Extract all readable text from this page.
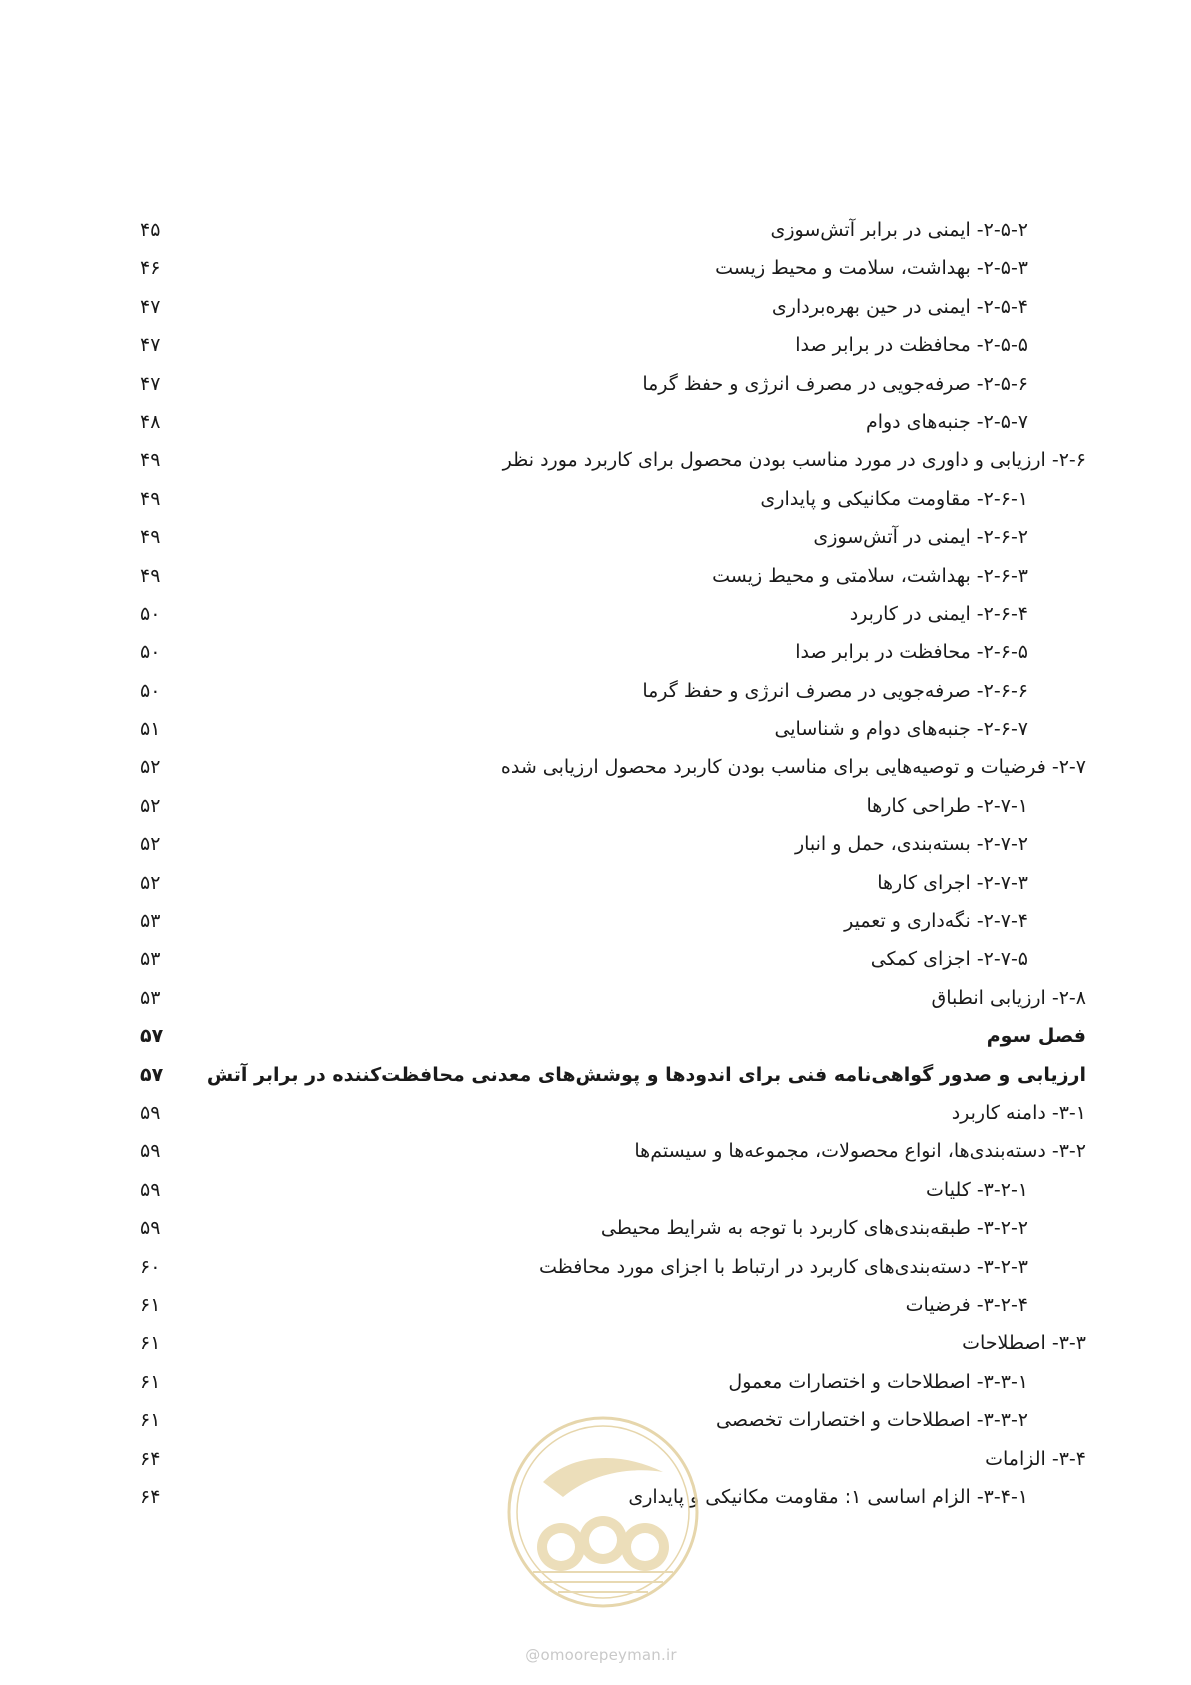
۲-۵-۲- ایمنی در برابر آتش‌سوزی
۴۵
۲-۵-۳- بهداشت، سلامت و محیط زیست
۴۶
۲-۵-۴- ایمنی در حین بهره‌برداری
۴۷
۲-۵-۵- محافظت در برابر صدا
۴۷
۲-۵-۶- صرفه‌جویی در مصرف انرژی و حفظ گرما
۴۷
۲-۵-۷- جنبه‌های دوام
۴۸
۲-۶- ارزیابی و داوری در مورد مناسب بودن محصول برای کاربرد مورد نظر
۴۹
۲-۶-۱- مقاومت مکانیکی و پایداری
۴۹
۲-۶-۲- ایمنی در آتش‌سوزی
۴۹
۲-۶-۳- بهداشت، سلامتی و محیط زیست
۴۹
۲-۶-۴- ایمنی در کاربرد
۵۰
۲-۶-۵- محافظت در برابر صدا
۵۰
۲-۶-۶- صرفه‌جویی در مصرف انرژی و حفظ گرما
۵۰
۲-۶-۷- جنبه‌های دوام و شناسایی
۵۱
۲-۷- فرضیات و توصیه‌هایی برای مناسب بودن کاربرد محصول ارزیابی شده
۵۲
۲-۷-۱- طراحی کارها
۵۲
۲-۷-۲- بسته‌بندی، حمل و انبار
۵۲
۲-۷-۳- اجرای کارها
۵۲
۲-۷-۴- نگه‌داری و تعمیر
۵۳
۲-۷-۵- اجزای کمکی
۵۳
۲-۸- ارزیابی انطباق
۵۳
فصل سوم
۵۷
ارزیابی و صدور گواهی‌نامه فنی برای اندودها و پوشش‌های معدنی محافظت‌کننده در برابر آتش
۵۷
۳-۱- دامنه کاربرد
۵۹
۳-۲- دسته‌بندی‌ها، انواع محصولات، مجموعه‌ها و سیستم‌ها
۵۹
۳-۲-۱- کلیات
۵۹
۳-۲-۲- طبقه‌بندی‌های کاربرد با توجه به شرایط محیطی
۵۹
۳-۲-۳- دسته‌بندی‌های کاربرد در ارتباط با اجزای مورد محافظت
۶۰
۳-۲-۴- فرضیات
۶۱
۳-۳- اصطلاحات
۶۱
۳-۳-۱- اصطلاحات و اختصارات معمول
۶۱
۳-۳-۲- اصطلاحات و اختصارات تخصصی
۶۱
۳-۴- الزامات
۶۴
۳-۴-۱- الزام اساسی ۱: مقاومت مکانیکی و پایداری
۶۴
@omoorepeyman.ir
